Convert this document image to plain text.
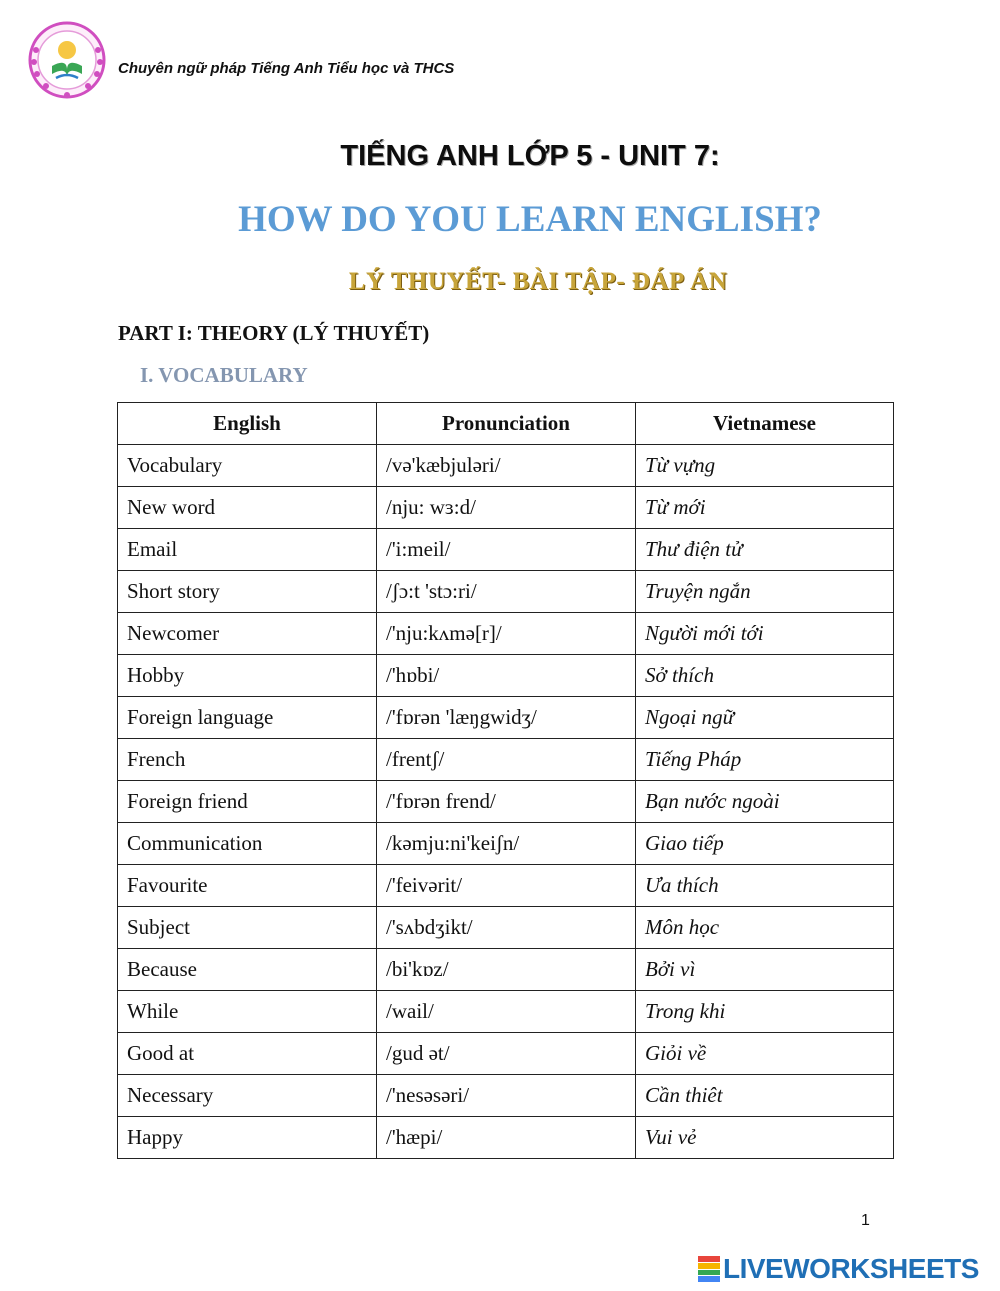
Chuyên ngữ pháp Tiếng Anh Tiểu học và THCS
TIẾNG ANH LỚP 5 - UNIT 7:
HOW DO YOU LEARN ENGLISH?
LÝ THUYẾT- BÀI TẬP- ĐÁP ÁN
PART I: THEORY (LÝ THUYẾT)
I. VOCABULARY
English	Pronunciation	Vietnamese
Vocabulary	/və'kæbjuləri/	Từ vựng
New word	/nju: wɜ:d/	Từ mới
Email	/'i:meil/	Thư điện tử
Short story	/ʃɔ:t 'stɔ:ri/	Truyện ngắn
Newcomer	/'nju:kʌmə[r]/	Người mới tới
Hobby	/'hɒbi/	Sở thích
Foreign language	/'fɒrən 'læŋgwidʒ/	Ngoại ngữ
French	/frentʃ/	Tiếng Pháp
Foreign friend	/'fɒrən frend/	Bạn nước ngoài
Communication	/kəmju:ni'keiʃn/	Giao tiếp
Favourite	/'feivərit/	Ưa thích
Subject	/'sʌbdʒikt/	Môn học
Because	/bi'kɒz/	Bởi vì
While	/wail/	Trong khi
Good at	/gud ət/	Giỏi về
Necessary	/'nesəsəri/	Cần thiêt
Happy	/'hæpi/	Vui vẻ
1
LIVEWORKSHEETS
